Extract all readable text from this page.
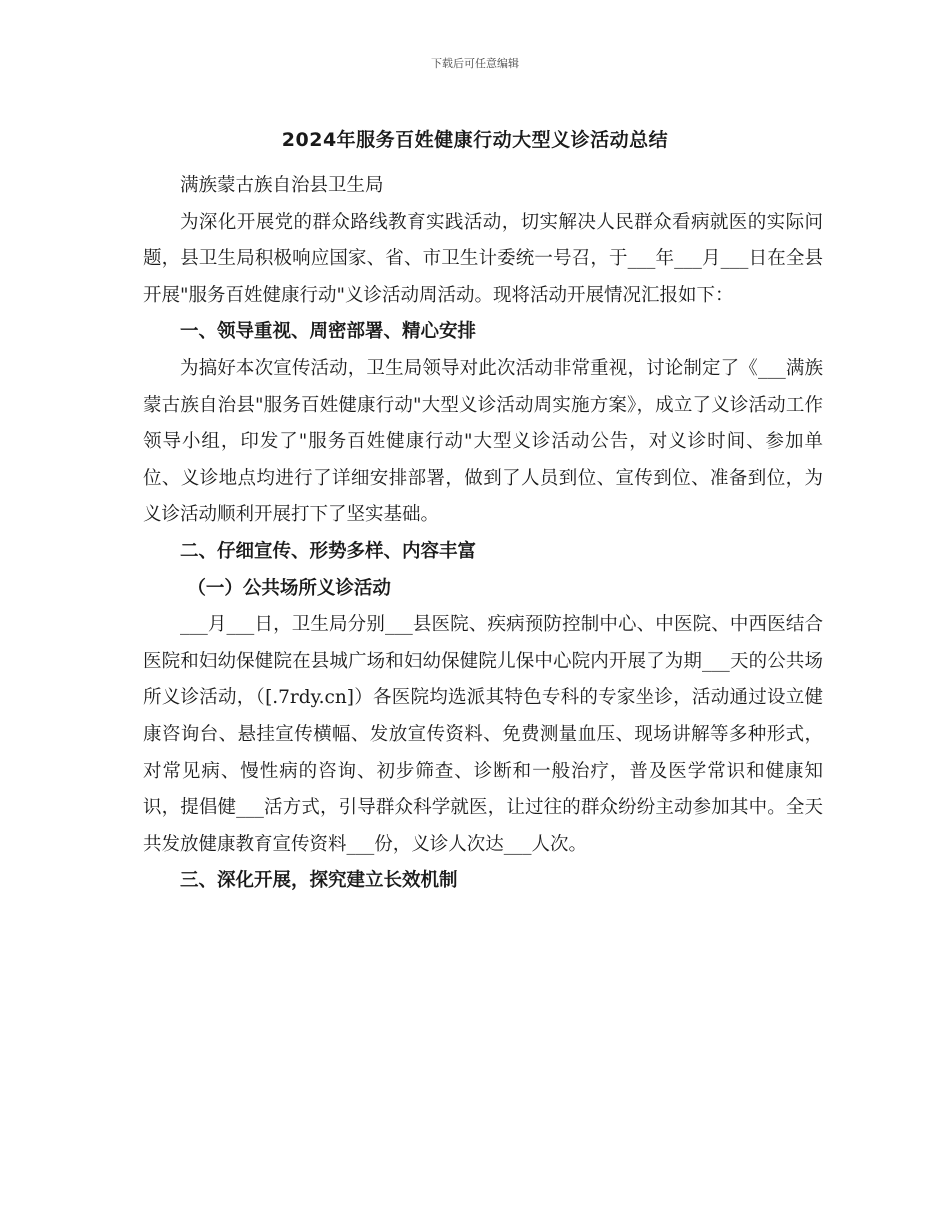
下载后可任意编辑
2024年服务百姓健康行动大型义诊活动总结

满族蒙古族自治县卫生局

为深化开展党的群众路线教育实践活动，切实解决人民群众看病就医的实际问题，县卫生局积极响应国家、省、市卫生计委统一号召，于___年___月___日在全县开展"服务百姓健康行动"义诊活动周活动。现将活动开展情况汇报如下：

一、领导重视、周密部署、精心安排

为搞好本次宣传活动，卫生局领导对此次活动非常重视，讨论制定了《___满族蒙古族自治县"服务百姓健康行动"大型义诊活动周实施方案》，成立了义诊活动工作领导小组，印发了"服务百姓健康行动"大型义诊活动公告，对义诊时间、参加单位、义诊地点均进行了详细安排部署，做到了人员到位、宣传到位、准备到位，为义诊活动顺利开展打下了坚实基础。

二、仔细宣传、形势多样、内容丰富

（一）公共场所义诊活动

___月___日，卫生局分别___县医院、疾病预防控制中心、中医院、中西医结合医院和妇幼保健院在县城广场和妇幼保健院儿保中心院内开展了为期___天的公共场所义诊活动，（[.7rdy.cn]）各医院均选派其特色专科的专家坐诊，活动通过设立健康咨询台、悬挂宣传横幅、发放宣传资料、免费测量血压、现场讲解等多种形式，对常见病、慢性病的咨询、初步筛查、诊断和一般治疗，普及医学常识和健康知识，提倡健___活方式，引导群众科学就医，让过往的群众纷纷主动参加其中。全天共发放健康教育宣传资料___份，义诊人次达___人次。

三、深化开展，探究建立长效机制
